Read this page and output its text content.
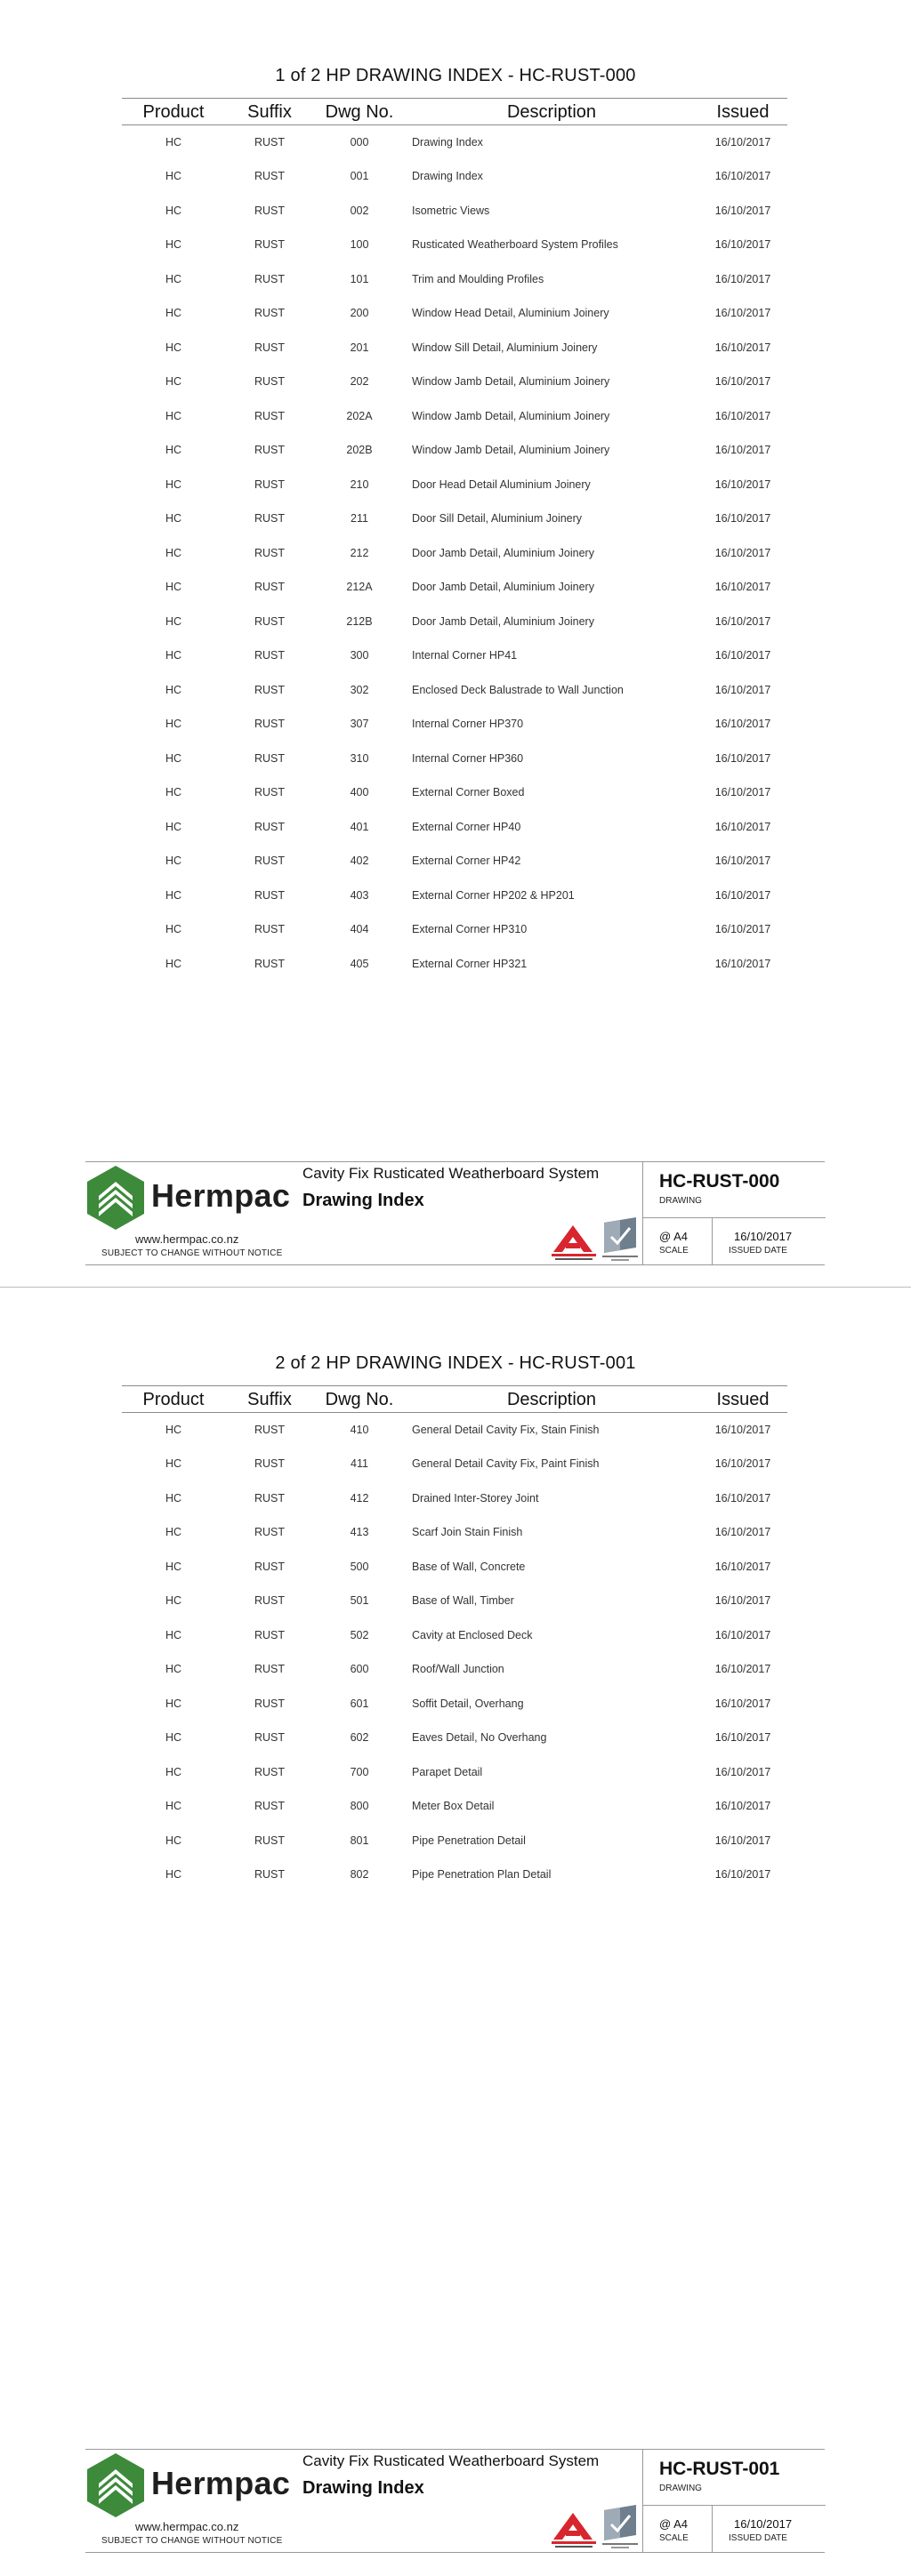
1 of 2 HP DRAWING INDEX - HC-RUST-000
Product	Suffix	Dwg No.	Description	Issued
HC	RUST	000	Drawing Index	16/10/2017
HC	RUST	001	Drawing Index	16/10/2017
HC	RUST	002	Isometric Views	16/10/2017
HC	RUST	100	Rusticated Weatherboard System Profiles	16/10/2017
HC	RUST	101	Trim and Moulding Profiles	16/10/2017
HC	RUST	200	Window Head Detail, Aluminium Joinery	16/10/2017
HC	RUST	201	Window Sill Detail, Aluminium Joinery	16/10/2017
HC	RUST	202	Window Jamb Detail, Aluminium Joinery	16/10/2017
HC	RUST	202A	Window Jamb Detail, Aluminium Joinery	16/10/2017
HC	RUST	202B	Window Jamb Detail, Aluminium Joinery	16/10/2017
HC	RUST	210	Door Head Detail Aluminium Joinery	16/10/2017
HC	RUST	211	Door Sill Detail, Aluminium Joinery	16/10/2017
HC	RUST	212	Door Jamb Detail, Aluminium Joinery	16/10/2017
HC	RUST	212A	Door Jamb Detail, Aluminium Joinery	16/10/2017
HC	RUST	212B	Door Jamb Detail, Aluminium Joinery	16/10/2017
HC	RUST	300	Internal Corner HP41	16/10/2017
HC	RUST	302	Enclosed Deck Balustrade to Wall Junction	16/10/2017
HC	RUST	307	Internal Corner HP370	16/10/2017
HC	RUST	310	Internal Corner HP360	16/10/2017
HC	RUST	400	External Corner Boxed	16/10/2017
HC	RUST	401	External Corner HP40	16/10/2017
HC	RUST	402	External Corner HP42	16/10/2017
HC	RUST	403	External Corner HP202 & HP201	16/10/2017
HC	RUST	404	External Corner HP310	16/10/2017
HC	RUST	405	External Corner HP321	16/10/2017
Hermpac
www.hermpac.co.nz
SUBJECT TO CHANGE WITHOUT NOTICE
Cavity Fix Rusticated Weatherboard System
Drawing Index
HC-RUST-000
DRAWING
@ A4
SCALE
16/10/2017
ISSUED DATE
2 of 2 HP DRAWING INDEX - HC-RUST-001
Product	Suffix	Dwg No.	Description	Issued
HC	RUST	410	General Detail Cavity Fix, Stain Finish	16/10/2017
HC	RUST	411	General Detail Cavity Fix, Paint Finish	16/10/2017
HC	RUST	412	Drained Inter-Storey Joint	16/10/2017
HC	RUST	413	Scarf Join Stain Finish	16/10/2017
HC	RUST	500	Base of Wall, Concrete	16/10/2017
HC	RUST	501	Base of Wall, Timber	16/10/2017
HC	RUST	502	Cavity at Enclosed Deck	16/10/2017
HC	RUST	600	Roof/Wall Junction	16/10/2017
HC	RUST	601	Soffit Detail, Overhang	16/10/2017
HC	RUST	602	Eaves Detail, No Overhang	16/10/2017
HC	RUST	700	Parapet Detail	16/10/2017
HC	RUST	800	Meter Box Detail	16/10/2017
HC	RUST	801	Pipe Penetration Detail	16/10/2017
HC	RUST	802	Pipe Penetration Plan Detail	16/10/2017
Hermpac
www.hermpac.co.nz
SUBJECT TO CHANGE WITHOUT NOTICE
Cavity Fix Rusticated Weatherboard System
Drawing Index
HC-RUST-001
DRAWING
@ A4
SCALE
16/10/2017
ISSUED DATE
